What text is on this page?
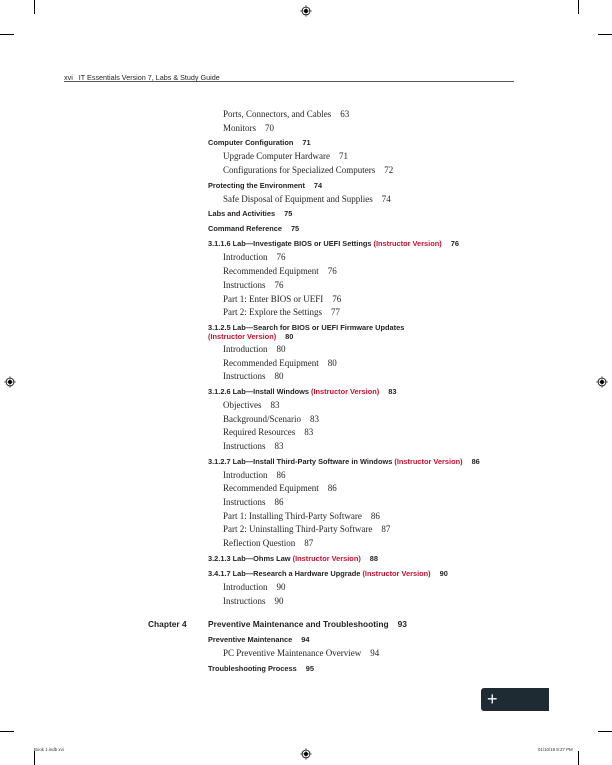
xvi IT Essentials Version 7, Labs & Study Guide
Ports, Connectors, and Cables 63
Monitors 70
Computer Configuration 71
Upgrade Computer Hardware 71
Configurations for Specialized Computers 72
Protecting the Environment 74
Safe Disposal of Equipment and Supplies 74
Labs and Activities 75
Command Reference 75
3.1.1.6 Lab—Investigate BIOS or UEFI Settings (Instructor Version) 76
Introduction 76
Recommended Equipment 76
Instructions 76
Part 1: Enter BIOS or UEFI 76
Part 2: Explore the Settings 77
3.1.2.5 Lab—Search for BIOS or UEFI Firmware Updates
(Instructor Version) 80
Introduction 80
Recommended Equipment 80
Instructions 80
3.1.2.6 Lab—Install Windows (Instructor Version) 83
Objectives 83
Background/Scenario 83
Required Resources 83
Instructions 83
3.1.2.7 Lab—Install Third-Party Software in Windows (Instructor Version) 86
Introduction 86
Recommended Equipment 86
Instructions 86
Part 1: Installing Third-Party Software 86
Part 2: Uninstalling Third-Party Software 87
Reflection Question 87
3.2.1.3 Lab—Ohms Law (Instructor Version) 88
3.4.1.7 Lab—Research a Hardware Upgrade (Instructor Version) 90
Introduction 90
Instructions 90
Chapter 4	Preventive Maintenance and Troubleshooting 93
Preventive Maintenance 94
PC Preventive Maintenance Overview 94
Troubleshooting Process 95
+StudyX
Book 1.indb xvi	01/10/19 9:27 PM
